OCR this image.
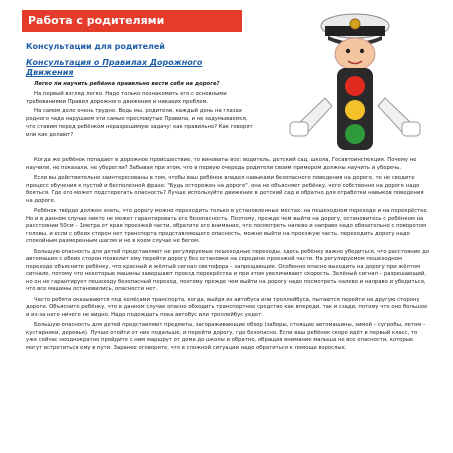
Работа с родителями
Консультации для родителей
Консультация о Правилах Дорожного Движения

Легко ли научить ребёнка правильно вести себя на дороге?

На первый взгляд легко. Надо только познакомить его с основными требованиями Правил дорожного движения и никаких проблем.

На самом деле очень трудно. Ведь мы, родители, каждый день на глазах родного чада нарушаем эти самые пресловутые Правила, и не задумываемся, что ставим перед ребёнком неразрешимую задачу: как правильно? Как говорят или как делают?

Когда же ребёнок попадает в дорожное происшествие, то виноваты все: водитель, детский сад, школа, Госавтоинспекция. Почему не научили, не показали, не уберегли? Забывая при этом, что в первую очередь родители своим примером должны научить и уберечь.

Если вы действительно заинтересованы в том, чтобы ваш ребёнок владел навыками безопасного поведения на дороге, то не сводите процесс обучения к пустой и бесполезной фразе: "Будь осторожен на дороге". она не объясняет ребёнку, чего собственно на дороге надо бояться. Где его может подстерегать опасность? Лучше используйте движение в детский сад и обратно для отработки навыков поведения на дороге.

Ребёнок твёрдо должен знать, что дорогу можно переходить только в установленных местах: на пешеходном переходе и на перекрёстке. Но и в данном случае никто не может гарантировать его безопасность. Поэтому, прежде чем выйти на дорогу, остановитесь с ребёнком на расстоянии 50см – 1метра от края проезжей части, обратите его внимание, что посмотреть налево и направо надо обязательно с поворотом головы, и если с обеих сторон нет транспорта представляющего опасность, можно выйти на проезжую часть. переходить дорогу надо спокойным размеренным шагом и не в коем случае не бегом.

Большую опасность для детей представляют не регулируемые пешеходные переходы. здесь ребёнку важно убедиться, что расстояние до автомашин с обеих сторон позволит ему перейти дорогу без остановки на середине проезжей части. На регулируемом пешеходном переходе объясните ребёнку, что красный и жёлтый сигнал светофора – запрещающие. Особенно опасно выходить на дорогу при жёлтом сигнале, потому что некоторые машины завершают проезд перекрёстка и при этом увеличивают скорость. Зелёный сигнал – разрешающий, но он не гарантирует пешеходу безопасный переход, поэтому прежде чем выйти на дорогу надо посмотреть налево и направо и убедиться, что все машины остановились, опасности нет.

Часто ребята оказываются под колёсами транспорта, когда, выйдя из автобуса или троллейбуса, пытаются перейти на другую сторону дороги. Объясните ребёнку, что в данном случае опасно обходить транспортное средство как впереди, так и сзади, потому что оно большое и из-за него ничего не видно. Надо подождать пока автобус или троллейбус уедет.

Большую опасность для детей представляют предметы, загораживающие обзор (заборы, стоящие автомашины, зимой – сугробы, летом – кустарники, деревья). Лучше отойти от них подальше, и перейти дорогу, где безопасно. Если ваш ребёнок скоро идёт в первый класс, то уже сейчас неоднократно пройдите с ним маршрут от дома до школы и обратно, обращая внимание малыша не все опасности, которые могут встретиться ему в пути. Заранее оговорите, что в сложной ситуации надо обратиться к помощи взрослых.
